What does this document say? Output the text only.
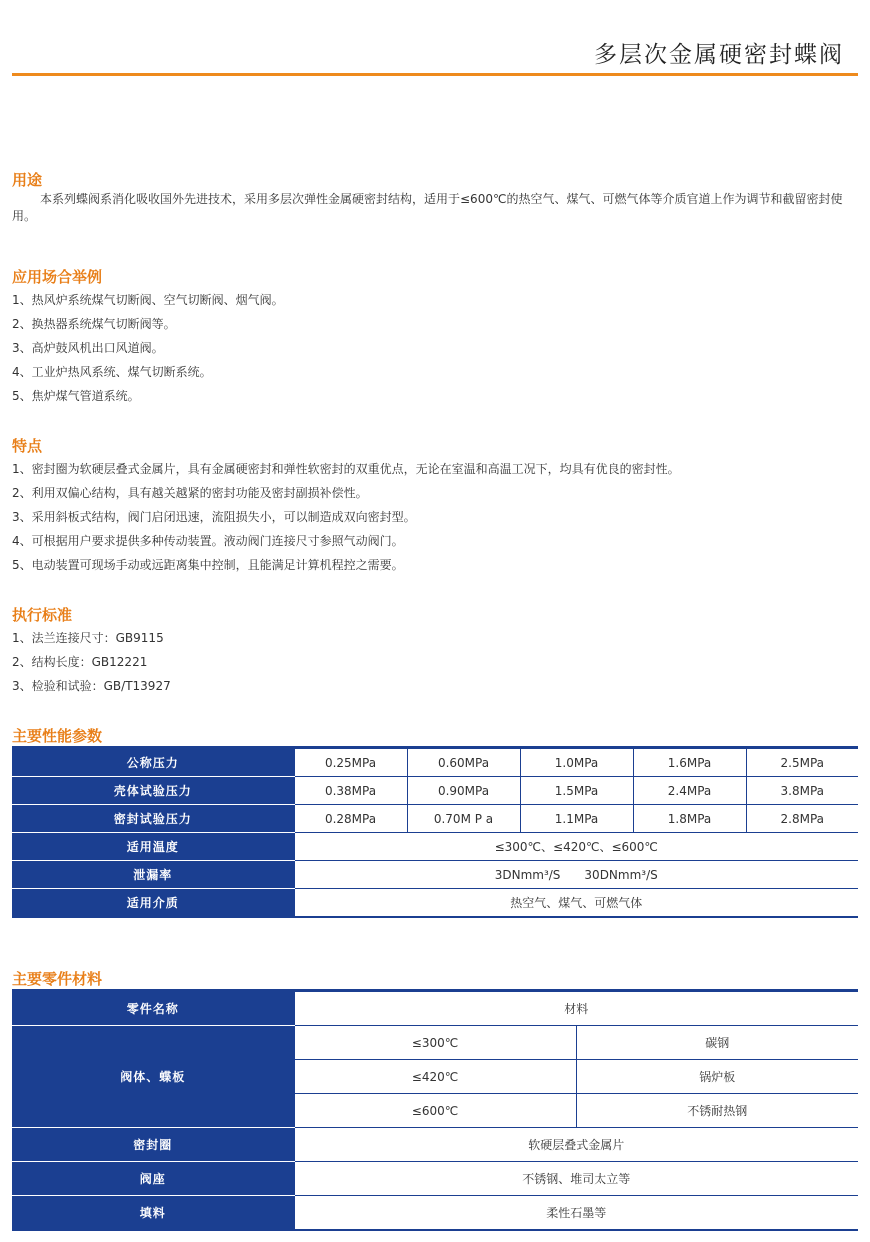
多层次金属硬密封蝶阀
用途

本系列蝶阀系消化吸收国外先进技术，采用多层次弹性金属硬密封结构，适用于≤600℃的热空气、煤气、可燃气体等介质官道上作为调节和截留密封使用。

应用场合举例
1、热风炉系统煤气切断阀、空气切断阀、烟气阀。
2、换热器系统煤气切断阀等。
3、高炉鼓风机出口风道阀。
4、工业炉热风系统、煤气切断系统。
5、焦炉煤气管道系统。
特点
1、密封圈为软硬层叠式金属片，具有金属硬密封和弹性软密封的双重优点，无论在室温和高温工况下，均具有优良的密封性。
2、利用双偏心结构，具有越关越紧的密封功能及密封副损补偿性。
3、采用斜板式结构，阀门启闭迅速，流阻损失小，可以制造成双向密封型。
4、可根据用户要求提供多种传动装置。液动阀门连接尺寸参照气动阀门。
5、电动装置可现场手动或远距离集中控制，且能满足计算机程控之需要。
执行标准
1、法兰连接尺寸：GB9115
2、结构长度：GB12221
3、检验和试验：GB/T13927
主要性能参数
公称压力	0.25MPa	0.60MPa	1.0MPa	1.6MPa	2.5MPa
壳体试验压力	0.38MPa	0.90MPa	1.5MPa	2.4MPa	3.8MPa
密封试验压力	0.28MPa	0.70M P a	1.1MPa	1.8MPa	2.8MPa
适用温度	≤300℃、≤420℃、≤600℃				
泄漏率	3DNmm³/S　　30DNmm³/S				
适用介质	热空气、煤气、可燃气体				
主要零件材料
零件名称	材料	
阀体、蝶板	≤300℃	碳钢
	≤420℃	锅炉板
	≤600℃	不锈耐热钢
密封圈	软硬层叠式金属片	
阀座	不锈钢、堆司太立等	
填料	柔性石墨等	
